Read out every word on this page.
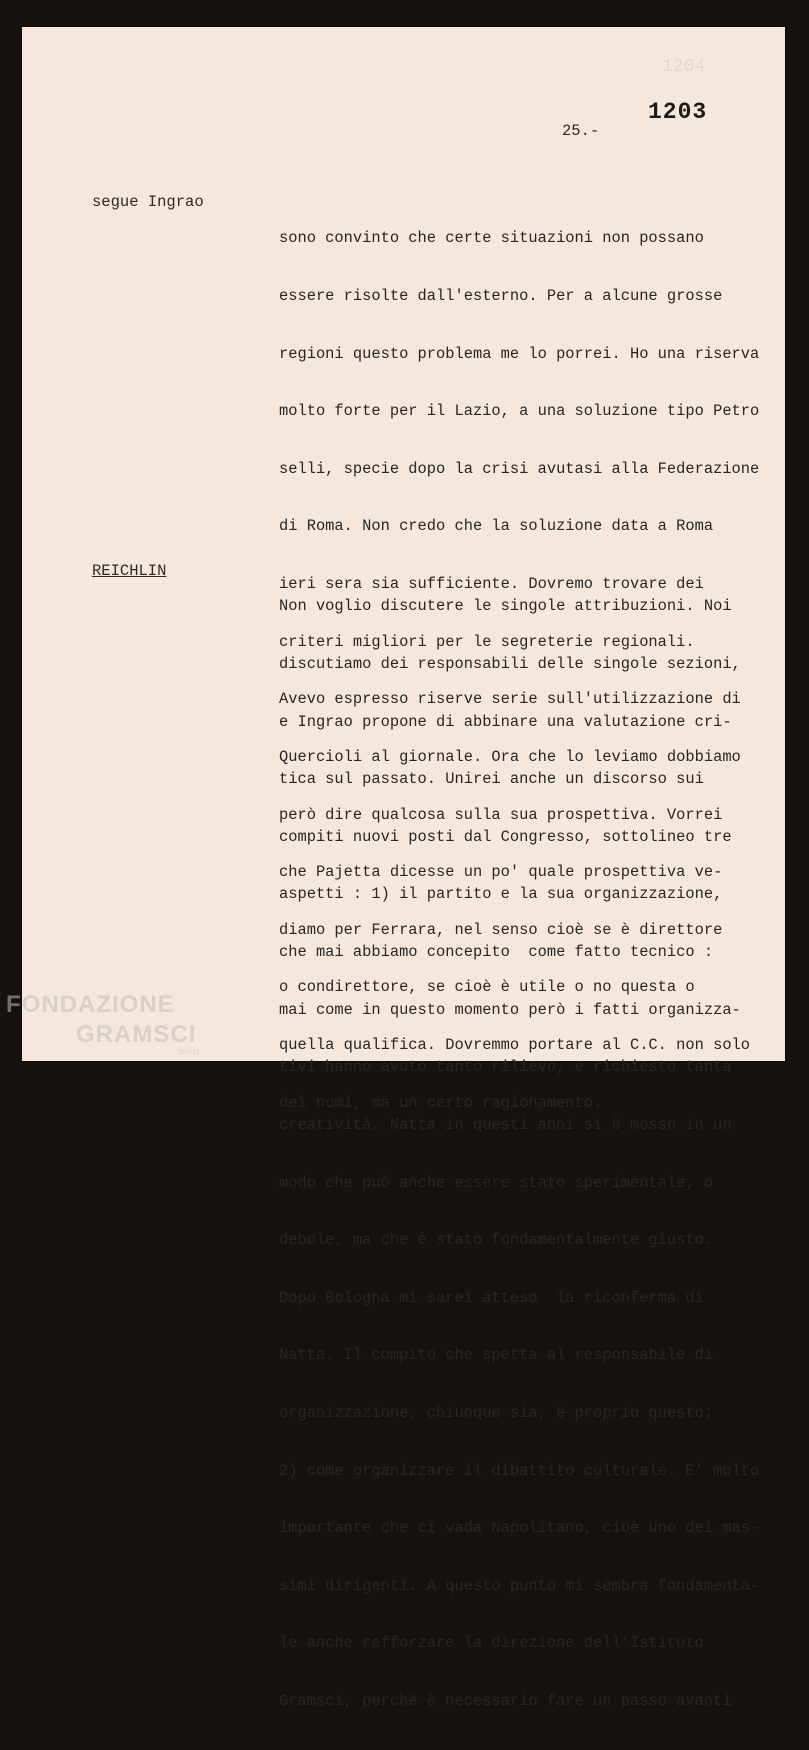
1204
25.-
1203
segue Ingrao

sono convinto che certe situazioni non possano

essere risolte dall'esterno. Per a alcune grosse

regioni questo problema me lo porrei. Ho una riserva

molto forte per il Lazio, a una soluzione tipo Petro

selli, specie dopo la crisi avutasi alla Federazione

di Roma. Non credo che la soluzione data a Roma

ieri sera sia sufficiente. Dovremo trovare dei

criteri migliori per le segreterie regionali.

Avevo espresso riserve serie sull'utilizzazione di

Quercioli al giornale. Ora che lo leviamo dobbiamo

però dire qualcosa sulla sua prospettiva. Vorrei

che Pajetta dicesse un po' quale prospettiva ve-

diamo per Ferrara, nel senso cioè se è direttore

o condirettore, se cioè è utile o no questa o

quella qualifica. Dovremmo portare al C.C. non solo

dei nomi, ma un certo ragionamento.

REICHLIN

Non voglio discutere le singole attribuzioni. Noi

discutiamo dei responsabili delle singole sezioni,

e Ingrao propone di abbinare una valutazione cri-

tica sul passato. Unirei anche un discorso sui

compiti nuovi posti dal Congresso, sottolineo tre

aspetti : 1) il partito e la sua organizzazione,

che mai abbiamo concepito  come fatto tecnico :

mai come in questo momento però i fatti organizza-

tivi hanno avuto tanto rilievo, e richiesto tanta

creatività. Natta in questi anni si è mosso in un

modo che può anche essere stato sperimentale, o

debole, ma che è stato fondamentalmente giusto.

Dopo Bologna mi sarei atteso  la riconferma di

Natta. Il compito che spetta al responsabile di

organizzazione, chiunque sia, è proprio questo;

2) come organizzare il dibattito culturale. E' molto

importante che ci vada Napolitano, cioè uno dei mas-

simi dirigenti. A questo punto mi sembra fondamenta-

le anche rafforzare la direzione dell'Istituto

Gramsci, perché è necessario fare un passo avanti

FONDAZIONE
GRAMSCI
onlus
